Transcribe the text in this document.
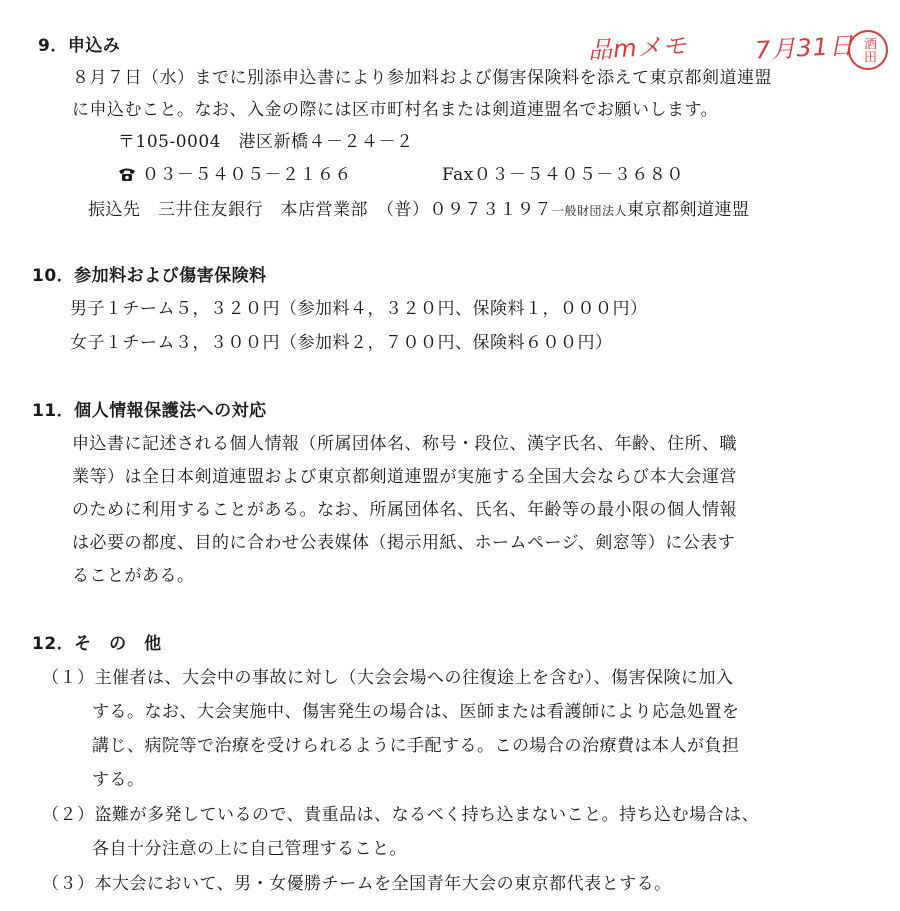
品mメモ	7月31日 酒田
9．申込み
８月７日（水）までに別添申込書により参加料および傷害保険料を添えて東京都剣道連盟
に申込むこと。なお、入金の際には区市町村名または剣道連盟名でお願いします。
〒105-0004　港区新橋４－２４－２
０３－５４０５－２１６６	Fax０３－５４０５－３６８０
振込先　三井住友銀行　本店営業部　（普）０９７３１９７一般財団法人東京都剣道連盟
10．参加料および傷害保険料
男子１チーム５，３２０円（参加料４，３２０円、保険料１，０００円）
女子１チーム３，３００円（参加料２，７００円、保険料６００円）
11．個人情報保護法への対応
申込書に記述される個人情報（所属団体名、称号・段位、漢字氏名、年齢、住所、職
業等）は全日本剣道連盟および東京都剣道連盟が実施する全国大会ならび本大会運営
のために利用することがある。なお、所属団体名、氏名、年齢等の最小限の個人情報
は必要の都度、目的に合わせ公表媒体（掲示用紙、ホームページ、剣窓等）に公表す
ることがある。
12．そ　の　他
（１）主催者は、大会中の事故に対し（大会会場への往復途上を含む）、傷害保険に加入
する。なお、大会実施中、傷害発生の場合は、医師または看護師により応急処置を
講じ、病院等で治療を受けられるように手配する。この場合の治療費は本人が負担
する。
（２）盗難が多発しているので、貴重品は、なるべく持ち込まないこと。持ち込む場合は、
各自十分注意の上に自己管理すること。
（３）本大会において、男・女優勝チームを全国青年大会の東京都代表とする。
